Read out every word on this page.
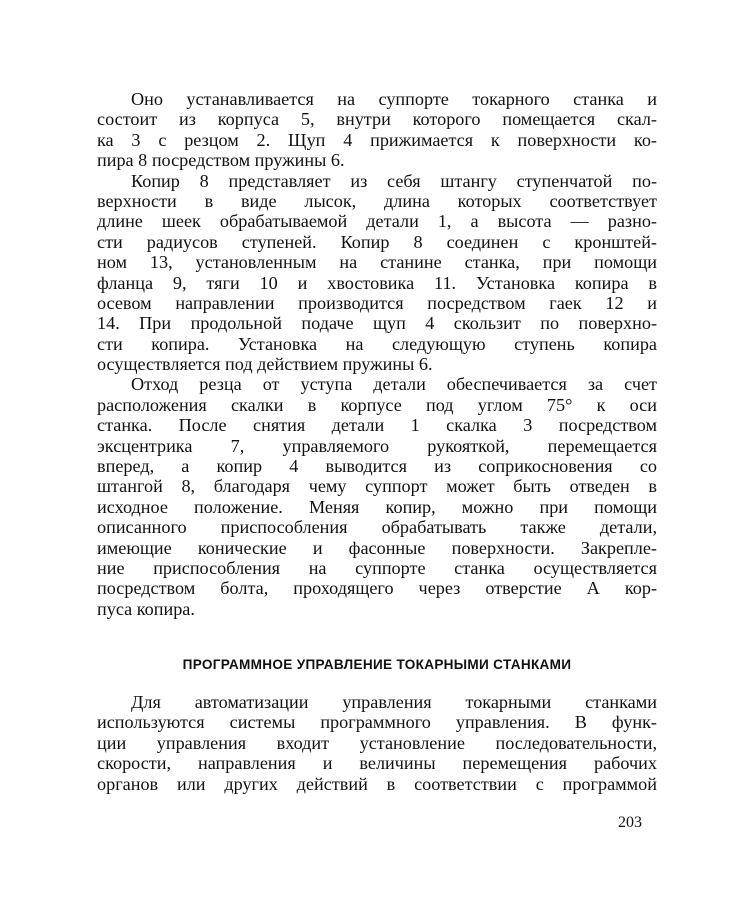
Оно устанавливается на суппорте токарного станка и
состоит из корпуса 5, внутри которого помещается скал-
ка 3 с резцом 2. Щуп 4 прижимается к поверхности ко-
пира 8 посредством пружины 6.
Копир 8 представляет из себя штангу ступенчатой по-
верхности в виде лысок, длина которых соответствует
длине шеек обрабатываемой детали 1, а высота — разно-
сти радиусов ступеней. Копир 8 соединен с кронштей-
ном 13, установленным на станине станка, при помощи
фланца 9, тяги 10 и хвостовика 11. Установка копира в
осевом направлении производится посредством гаек 12 и
14. При продольной подаче щуп 4 скользит по поверхно-
сти копира. Установка на следующую ступень копира
осуществляется под действием пружины 6.
Отход резца от уступа детали обеспечивается за счет
расположения скалки в корпусе под углом 75° к оси
станка. После снятия детали 1 скалка 3 посредством
эксцентрика 7, управляемого рукояткой, перемещается
вперед, а копир 4 выводится из соприкосновения со
штангой 8, благодаря чему суппорт может быть отведен в
исходное положение. Меняя копир, можно при помощи
описанного приспособления обрабатывать также детали,
имеющие конические и фасонные поверхности. Закрепле-
ние приспособления на суппорте станка осуществляется
посредством болта, проходящего через отверстие А кор-
пуса копира.
ПРОГРАММНОЕ УПРАВЛЕНИЕ ТОКАРНЫМИ СТАНКАМИ
Для автоматизации управления токарными станками
используются системы программного управления. В функ-
ции управления входит установление последовательности,
скорости, направления и величины перемещения рабочих
органов или других действий в соответствии с программой
203
